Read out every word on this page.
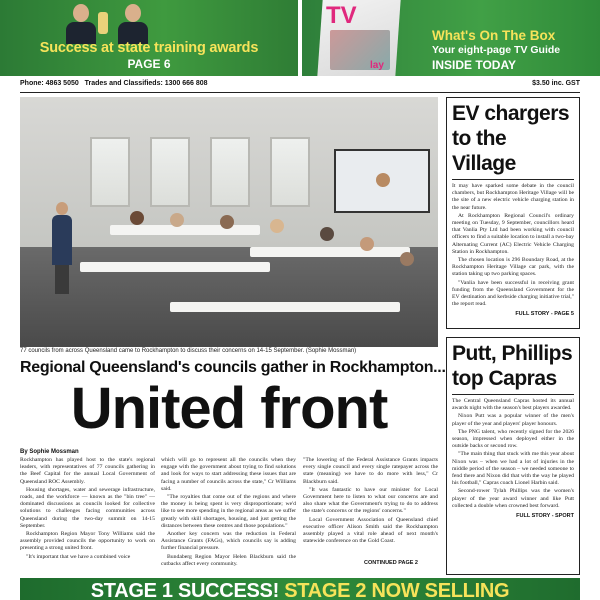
Success at state training awards
PAGE 6
TV
lay
What's On The Box
Your eight-page TV Guide
INSIDE TODAY
Phone: 4863 5050 Trades and Classifieds: 1300 666 808	$3.50 inc. GST
77 councils from across Queensland came to Rockhampton to discuss their concerns on 14-15 September. (Sophie Mossman)
Regional Queensland's councils gather in Rockhampton...
United front
By Sophie Mossman

Rockhampton has played host to the state's regional leaders, with representatives of 77 councils gathering in the Beef Capital for the annual Local Government of Queensland ROC Assembly.

Housing shortages, water and sewerage infrastructure, roads, and the workforce — known as the "bin tree" — dominated discussions as councils looked for collective solutions to challenges facing communities across Queensland during the two-day summit on 14-15 September.

Rockhampton Region Mayor Tony Williams said the assembly provided councils the opportunity to work on presenting a strong united front.

"It's important that we have a combined voice

which will go to represent all the councils when they engage with the government about trying to find solutions and look for ways to start addressing these issues that are facing a number of councils across the state," Cr Williams said.

"The royalties that come out of the regions and where the money is being spent is very disproportionate; we'd like to see more spending in the regional areas as we suffer greatly with skill shortages, housing, and just getting the distances between these centres and those populations."

Another key concern was the reduction in Federal Assistance Grants (FAGs), which councils say is adding further financial pressure.

Bundaberg Region Mayor Helen Blackburn said the cutbacks affect every community.

"The lowering of the Federal Assistance Grants impacts every single council and every single ratepayer across the state (meaning) we have to do more with less," Cr Blackburn said.

"It was fantastic to have our minister for Local Government here to listen to what our concerns are and also share what the Government's trying to do to address the state's concerns or the regions' concerns."

Local Government Association of Queensland chief executive officer Alison Smith said the Rockhampton assembly played a vital role ahead of next month's statewide conference on the Gold Coast.

CONTINUED PAGE 2
EV chargers to the Village

It may have sparked some debate in the council chambers, but Rockhampton Heritage Village will be the site of a new electric vehicle charging station in the near future.

At Rockhampton Regional Council's ordinary meeting on Tuesday, 9 September, councillors heard that Vanlia Pty Ltd had been working with council officers to find a suitable location to install a two-bay Alternating Current (AC) Electric Vehicle Charging Station in Rockhampton.

The chosen location is 296 Boundary Road, at the Rockhampton Heritage Village car park, with the station taking up two parking spaces.

"Vanlia have been successful in receiving grant funding from the Queensland Government for the EV destination and kerbside charging initiative trial," the report read.

FULL STORY - PAGE 5
Putt, Phillips top Capras

The Central Queensland Capras hosted its annual awards night with the season's best players awarded.

Nixon Putt was a popular winner of the men's player of the year and players' player honours.

The PNG talent, who recently signed for the 2026 season, impressed when deployed either in the outside backs or second row.

"The main thing that stuck with me this year about Nixon was – when we had a lot of injuries in the middle period of the season – we needed someone to fend there and Nixon did that with the way he played his football," Capras coach Lionel Harbin said.

Second-rower Tylah Phillips was the women's player of the year award winner and like Putt collected a double when crowned best forward.

FULL STORY - SPORT
STAGE 1 SUCCESS! STAGE 2 NOW SELLING
